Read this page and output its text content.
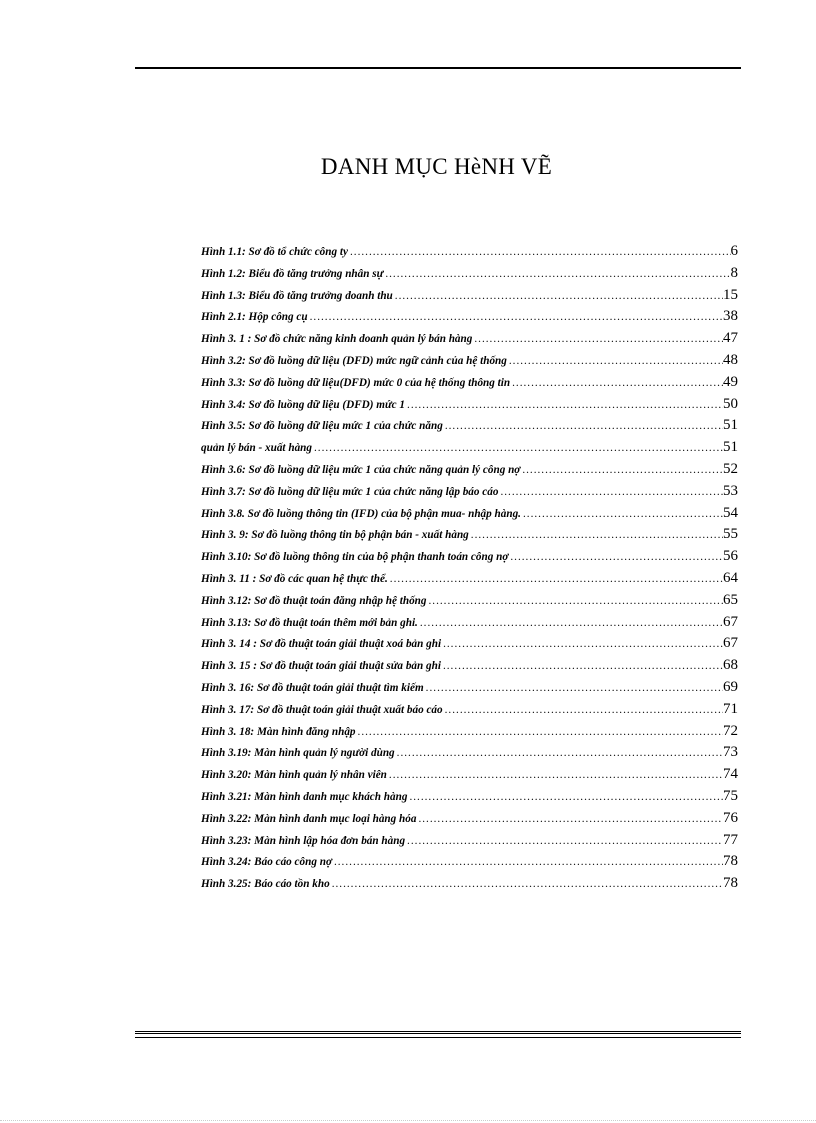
DANH MỤC HèNH VẼ
Hình 1.1: Sơ đồ tổ chức công ty .....	6
Hình 1.2: Biểu đồ tăng trưởng nhân sự .....	8
Hình 1.3: Biểu đồ tăng trưởng doanh thu .....	15
Hình 2.1: Hộp công cụ .....	38
Hình 3. 1 : Sơ đồ chức năng kinh doanh quản lý bán hàng .....	47
Hình 3.2: Sơ đồ luồng dữ liệu (DFD) mức ngữ cảnh của hệ thống .....	48
Hình 3.3: Sơ đồ luồng dữ liệu(DFD) mức 0 của hệ thống thông tin .....	49
Hình 3.4: Sơ đồ luồng dữ liệu (DFD) mức 1 .....	50
Hình 3.5: Sơ đồ luồng dữ liệu mức 1 của chức năng .....	51
quản lý bán - xuất hàng .....	51
Hình 3.6: Sơ đồ luồng dữ liệu mức 1 của chức năng quản lý công nợ .....	52
Hình 3.7: Sơ đồ luồng dữ liệu mức 1 của chức năng lập báo cáo .....	53
Hình 3.8. Sơ đồ luồng thông tin (IFD) của bộ phận mua- nhập hàng. .....	54
Hình 3. 9: Sơ đồ luồng thông tin bộ phận bán - xuất hàng .....	55
Hình 3.10: Sơ đồ luồng thông tin của bộ phận thanh toán công nợ .....	56
Hình 3. 11 : Sơ đồ các quan hệ thực thể. .....	64
Hình 3.12: Sơ đồ thuật toán đăng nhập hệ thống .....	65
Hình 3.13: Sơ đồ thuật toán thêm mới bản ghi. .....	67
Hình 3. 14 : Sơ đồ thuật toán giải thuật xoá bản ghi .....	67
Hình 3. 15 : Sơ đồ thuật toán giải thuật sửa bản ghi .....	68
Hình 3. 16: Sơ đồ thuật toán giải thuật tìm kiếm .....	69
Hình 3. 17: Sơ đồ thuật toán giải thuật xuất báo cáo .....	71
Hình 3. 18: Màn hình đăng nhập .....	72
Hình 3.19: Màn hình quản lý người dùng .....	73
Hình 3.20: Màn hình quản lý nhân viên .....	74
Hình 3.21: Màn hình danh mục khách hàng .....	75
Hình 3.22: Màn hình danh mục loại hàng hóa .....	76
Hình 3.23: Màn hình lập hóa đơn bán hàng .....	77
Hình 3.24: Báo cáo công nợ .....	78
Hình 3.25: Báo cáo tồn kho .....	78
